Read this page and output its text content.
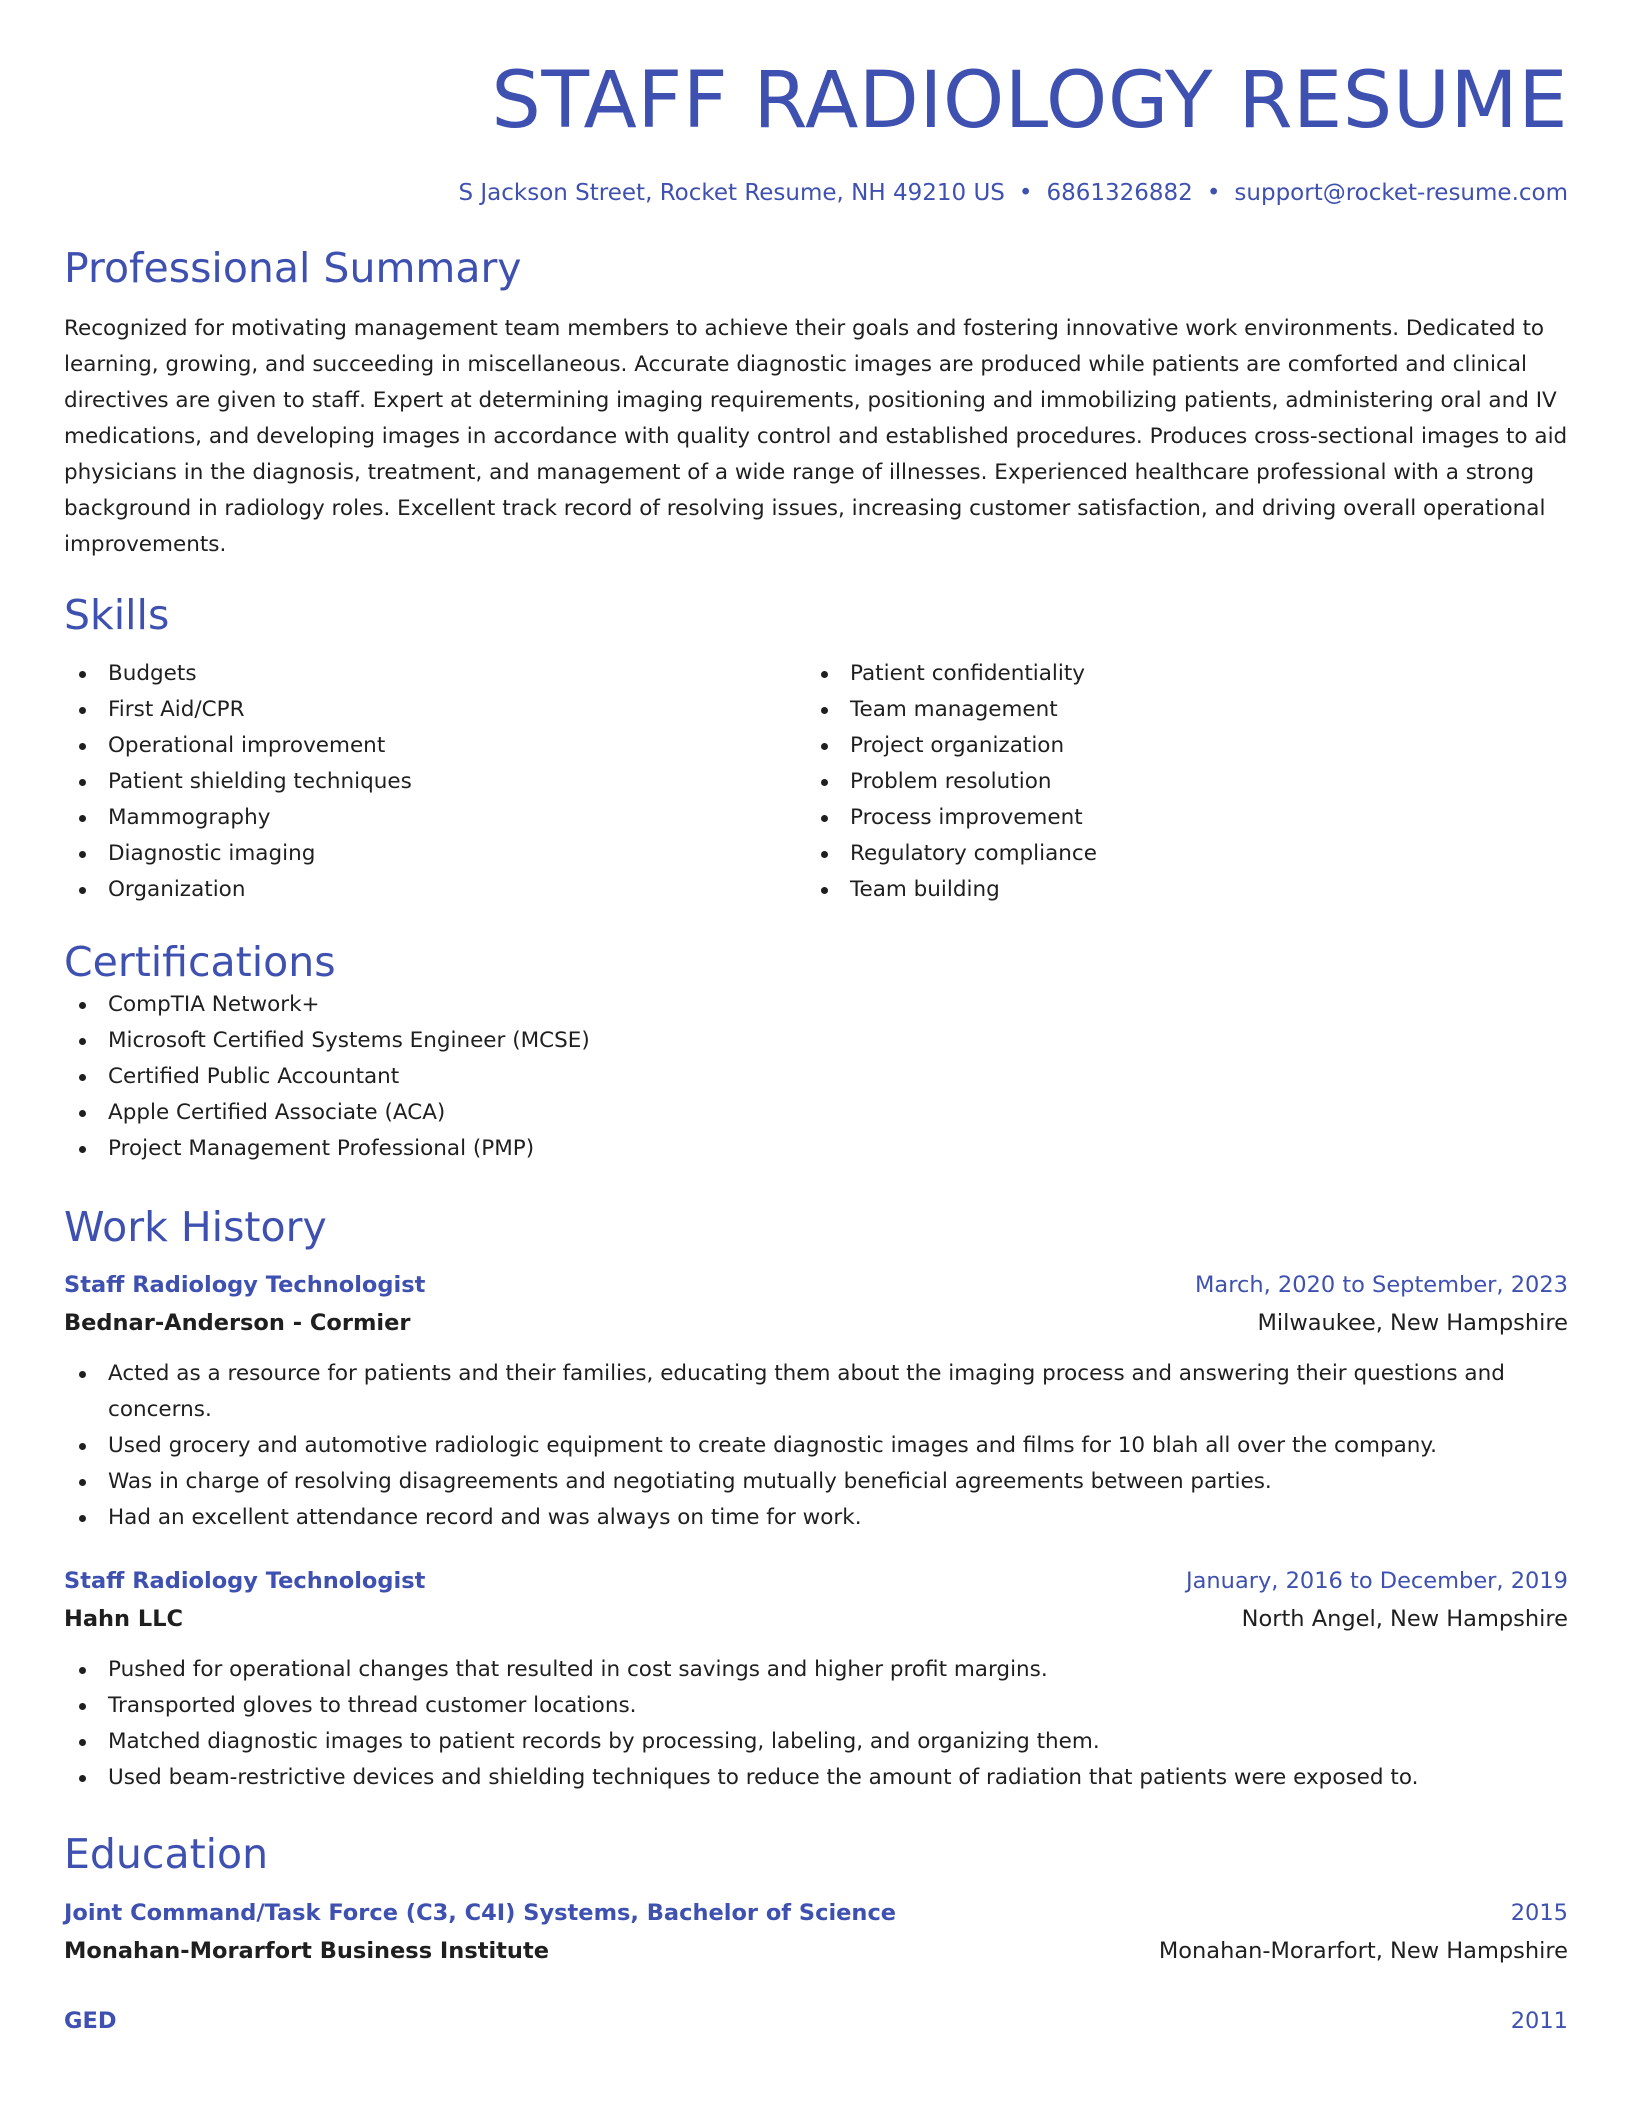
STAFF RADIOLOGY RESUME
S Jackson Street, Rocket Resume, NH 49210 US • 6861326882 • support@rocket-resume.com
Professional Summary
Recognized for motivating management team members to achieve their goals and fostering innovative work environments. Dedicated to learning, growing, and succeeding in miscellaneous. Accurate diagnostic images are produced while patients are comforted and clinical directives are given to staff. Expert at determining imaging requirements, positioning and immobilizing patients, administering oral and IV medications, and developing images in accordance with quality control and established procedures. Produces cross-sectional images to aid physicians in the diagnosis, treatment, and management of a wide range of illnesses. Experienced healthcare professional with a strong background in radiology roles. Excellent track record of resolving issues, increasing customer satisfaction, and driving overall operational improvements.
Skills
Budgets
First Aid/CPR
Operational improvement
Patient shielding techniques
Mammography
Diagnostic imaging
Organization
Patient confidentiality
Team management
Project organization
Problem resolution
Process improvement
Regulatory compliance
Team building
Certifications
CompTIA Network+
Microsoft Certified Systems Engineer (MCSE)
Certified Public Accountant
Apple Certified Associate (ACA)
Project Management Professional (PMP)
Work History
Staff Radiology Technologist	March, 2020 to September, 2023
Bednar-Anderson - Cormier	Milwaukee, New Hampshire
Acted as a resource for patients and their families, educating them about the imaging process and answering their questions and concerns.
Used grocery and automotive radiologic equipment to create diagnostic images and films for 10 blah all over the company.
Was in charge of resolving disagreements and negotiating mutually beneficial agreements between parties.
Had an excellent attendance record and was always on time for work.
Staff Radiology Technologist	January, 2016 to December, 2019
Hahn LLC	North Angel, New Hampshire
Pushed for operational changes that resulted in cost savings and higher profit margins.
Transported gloves to thread customer locations.
Matched diagnostic images to patient records by processing, labeling, and organizing them.
Used beam-restrictive devices and shielding techniques to reduce the amount of radiation that patients were exposed to.
Education
Joint Command/Task Force (C3, C4I) Systems, Bachelor of Science	2015
Monahan-Morarfort Business Institute	Monahan-Morarfort, New Hampshire
GED	2011
